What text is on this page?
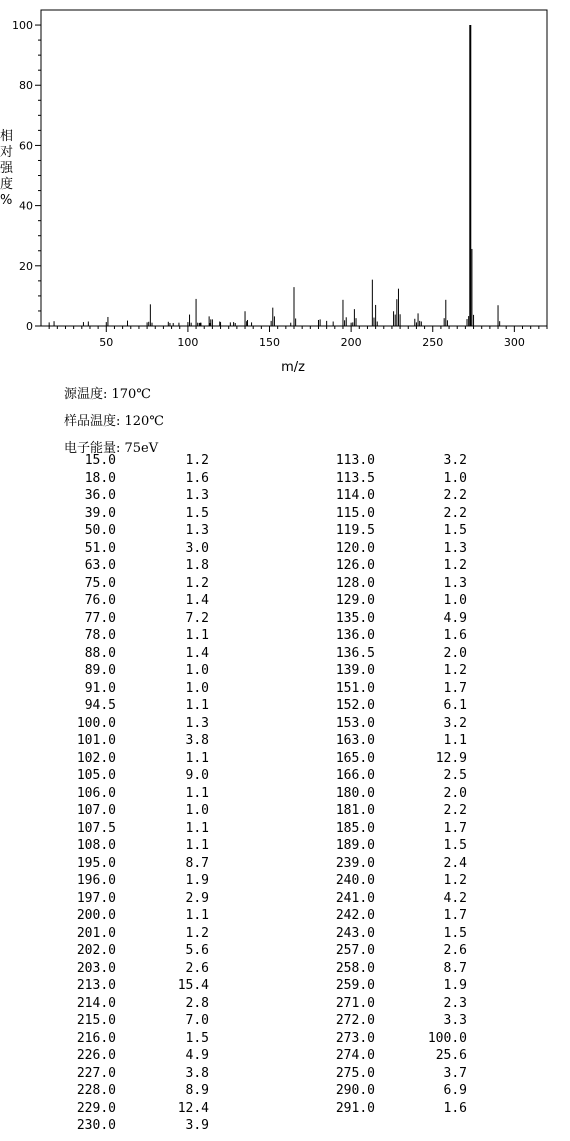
0
20
40
60
80
100
50	100	150	200	250	300
相对强度%
m/z
源温度: 170℃
样品温度: 120℃
电子能量: 75eV
15.0	1.2
18.0	1.6
36.0	1.3
39.0	1.5
50.0	1.3
51.0	3.0
63.0	1.8
75.0	1.2
76.0	1.4
77.0	7.2
78.0	1.1
88.0	1.4
89.0	1.0
91.0	1.0
94.5	1.1
100.0	1.3
101.0	3.8
102.0	1.1
105.0	9.0
106.0	1.1
107.0	1.0
107.5	1.1
108.0	1.1
195.0	8.7
196.0	1.9
197.0	2.9
200.0	1.1
201.0	1.2
202.0	5.6
203.0	2.6
213.0	15.4
214.0	2.8
215.0	7.0
216.0	1.5
226.0	4.9
227.0	3.8
228.0	8.9
229.0	12.4
230.0	3.9
113.0	3.2
113.5	1.0
114.0	2.2
115.0	2.2
119.5	1.5
120.0	1.3
126.0	1.2
128.0	1.3
129.0	1.0
135.0	4.9
136.0	1.6
136.5	2.0
139.0	1.2
151.0	1.7
152.0	6.1
153.0	3.2
163.0	1.1
165.0	12.9
166.0	2.5
180.0	2.0
181.0	2.2
185.0	1.7
189.0	1.5
239.0	2.4
240.0	1.2
241.0	4.2
242.0	1.7
243.0	1.5
257.0	2.6
258.0	8.7
259.0	1.9
271.0	2.3
272.0	3.3
273.0	100.0
274.0	25.6
275.0	3.7
290.0	6.9
291.0	1.6
